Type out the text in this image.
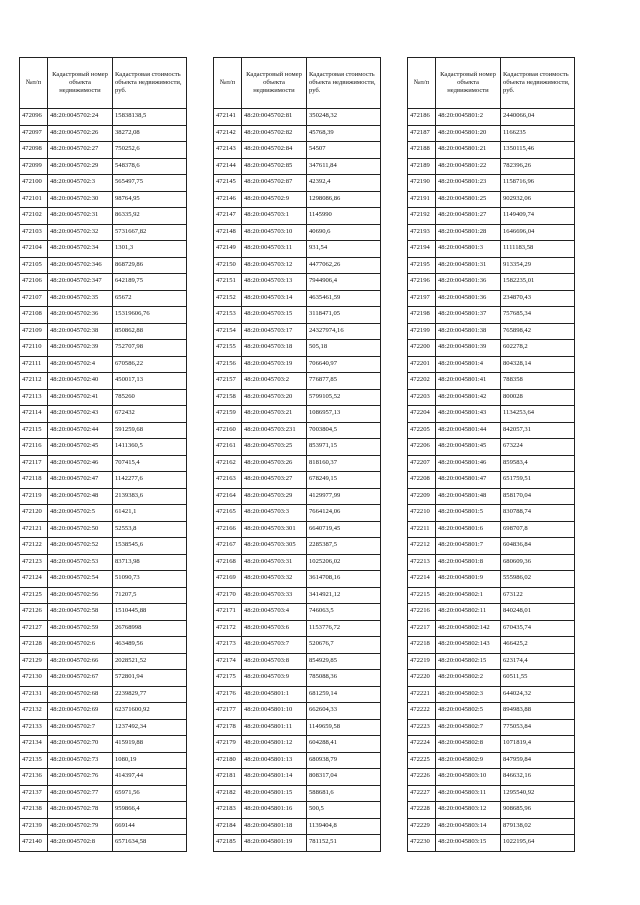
№п/п	Кадастровый номер объекта недвижимости	Кадастровая стоимость объекта недвижимости, руб.
472096	48:20:0045702:24	15838138,5
472097	48:20:0045702:26	38272,08
472098	48:20:0045702:27	750252,6
472099	48:20:0045702:29	548378,6
472100	48:20:0045702:3	565497,75
472101	48:20:0045702:30	98764,95
472102	48:20:0045702:31	86335,92
472103	48:20:0045702:32	5731667,82
472104	48:20:0045702:34	1301,3
472105	48:20:0045702:346	868729,86
472106	48:20:0045702:347	642189,75
472107	48:20:0045702:35	65672
472108	48:20:0045702:36	15319606,76
472109	48:20:0045702:38	850862,88
472110	48:20:0045702:39	752707,98
472111	48:20:0045702:4	670586,22
472112	48:20:0045702:40	450017,13
472113	48:20:0045702:41	785260
472114	48:20:0045702:43	672432
472115	48:20:0045702:44	591259,68
472116	48:20:0045702:45	1411360,5
472117	48:20:0045702:46	707415,4
472118	48:20:0045702:47	1142277,6
472119	48:20:0045702:48	2139383,6
472120	48:20:0045702:5	61421,1
472121	48:20:0045702:50	52553,8
472122	48:20:0045702:52	1538545,6
472123	48:20:0045702:53	83713,98
472124	48:20:0045702:54	51090,73
472125	48:20:0045702:56	71207,5
472126	48:20:0045702:58	1510445,88
472127	48:20:0045702:59	26768998
472128	48:20:0045702:6	463489,56
472129	48:20:0045702:66	2028521,52
472130	48:20:0045702:67	572801,94
472131	48:20:0045702:68	2239829,77
472132	48:20:0045702:69	62371600,92
472133	48:20:0045702:7	1237492,34
472134	48:20:0045702:70	415919,88
472135	48:20:0045702:73	1080,19
472136	48:20:0045702:76	414397,44
472137	48:20:0045702:77	65971,56
472138	48:20:0045702:78	959866,4
472139	48:20:0045702:79	669144
472140	48:20:0045702:8	6571634,58
№п/п	Кадастровый номер объекта недвижимости	Кадастровая стоимость объекта недвижимости, руб.
472141	48:20:0045702:81	350248,32
472142	48:20:0045702:82	45768,39
472143	48:20:0045702:84	54507
472144	48:20:0045702:85	347611,84
472145	48:20:0045702:87	42392,4
472146	48:20:0045702:9	1298086,86
472147	48:20:0045703:1	1145990
472148	48:20:0045703:10	40690,6
472149	48:20:0045703:11	931,54
472150	48:20:0045703:12	4477062,26
472151	48:20:0045703:13	7944906,4
472152	48:20:0045703:14	4635461,59
472153	48:20:0045703:15	3118471,05
472154	48:20:0045703:17	24327974,16
472155	48:20:0045703:18	505,18
472156	48:20:0045703:19	706640,97
472157	48:20:0045703:2	776877,85
472158	48:20:0045703:20	5799105,52
472159	48:20:0045703:21	1086957,13
472160	48:20:0045703:231	7003804,5
472161	48:20:0045703:25	853971,15
472162	48:20:0045703:26	818160,37
472163	48:20:0045703:27	678249,15
472164	48:20:0045703:29	4129977,99
472165	48:20:0045703:3	7664124,06
472166	48:20:0045703:301	6640719,45
472167	48:20:0045703:305	2285387,5
472168	48:20:0045703:31	1025206,02
472169	48:20:0045703:32	3614708,16
472170	48:20:0045703:33	3414921,12
472171	48:20:0045703:4	746063,5
472172	48:20:0045703:6	1153776,72
472173	48:20:0045703:7	520676,7
472174	48:20:0045703:8	854929,85
472175	48:20:0045703:9	785088,36
472176	48:20:0045801:1	681259,14
472177	48:20:0045801:10	662604,33
472178	48:20:0045801:11	1149659,58
472179	48:20:0045801:12	604288,41
472180	48:20:0045801:13	680938,79
472181	48:20:0045801:14	808317,04
472182	48:20:0045801:15	588681,6
472183	48:20:0045801:16	500,5
472184	48:20:0045801:18	1139404,8
472185	48:20:0045801:19	781152,51
№п/п	Кадастровый номер объекта недвижимости	Кадастровая стоимость объекта недвижимости, руб.
472186	48:20:0045801:2	2440066,04
472187	48:20:0045801:20	1166235
472188	48:20:0045801:21	1350115,46
472189	48:20:0045801:22	782396,26
472190	48:20:0045801:23	1158716,96
472191	48:20:0045801:25	902932,06
472192	48:20:0045801:27	1149409,74
472193	48:20:0045801:28	1646696,04
472194	48:20:0045801:3	1111183,58
472195	48:20:0045801:31	913354,29
472196	48:20:0045801:36	1582235,01
472197	48:20:0045801:36	234870,43
472198	48:20:0045801:37	757685,34
472199	48:20:0045801:38	765898,42
472200	48:20:0045801:39	602278,2
472201	48:20:0045801:4	804328,14
472202	48:20:0045801:41	788358
472203	48:20:0045801:42	800028
472204	48:20:0045801:43	1134253,64
472205	48:20:0045801:44	842057,31
472206	48:20:0045801:45	673224
472207	48:20:0045801:46	859583,4
472208	48:20:0045801:47	651759,51
472209	48:20:0045801:48	858170,04
472210	48:20:0045801:5	830788,74
472211	48:20:0045801:6	698707,8
472212	48:20:0045801:7	604836,84
472213	48:20:0045801:8	680609,36
472214	48:20:0045801:9	555986,02
472215	48:20:0045802:1	673122
472216	48:20:0045802:11	840248,01
472217	48:20:0045802:142	670435,74
472218	48:20:0045802:143	466425,2
472219	48:20:0045802:15	623174,4
472220	48:20:0045802:2	60511,55
472221	48:20:0045802:3	644024,32
472222	48:20:0045802:5	894983,88
472223	48:20:0045802:7	775053,84
472224	48:20:0045802:8	1071819,4
472225	48:20:0045802:9	847959,84
472226	48:20:0045803:10	846632,16
472227	48:20:0045803:11	1295540,92
472228	48:20:0045803:12	908685,96
472229	48:20:0045803:14	879138,02
472230	48:20:0045803:15	1022195,64
